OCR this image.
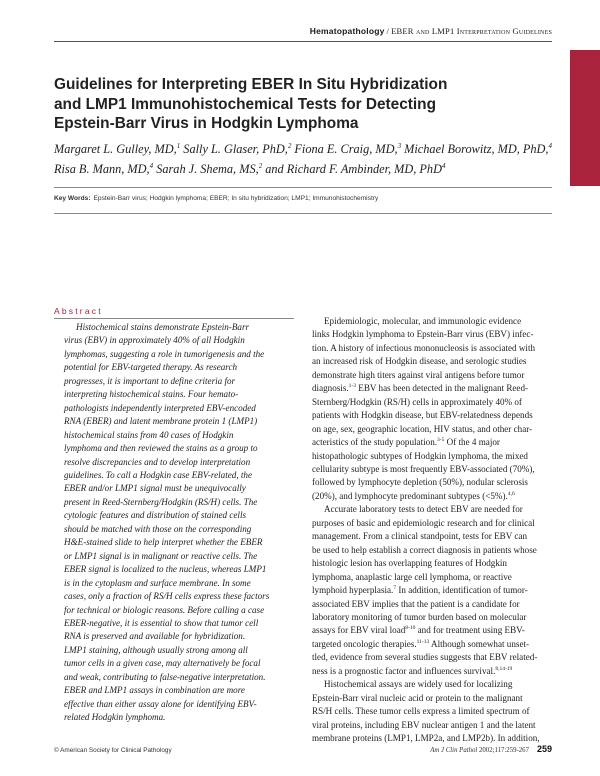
Hematopathology / EBER and LMP1 Interpretation Guidelines
Guidelines for Interpreting EBER In Situ Hybridization
and LMP1 Immunohistochemical Tests for Detecting
Epstein-Barr Virus in Hodgkin Lymphoma
Margaret L. Gulley, MD,$^1$ Sally L. Glaser, PhD,$^2$ Fiona E. Craig, MD,$^3$ Michael Borowitz, MD, PhD,$^4$
Risa B. Mann, MD,$^4$ Sarah J. Shema, MS,$^2$ and Richard F. Ambinder, MD, PhD$^4$
Key Words: Epstein-Barr virus; Hodgkin lymphoma; EBER; In situ hybridization; LMP1; Immunohistochemistry
Abstract
Histochemical stains demonstrate Epstein-Barr
virus (EBV) in approximately 40% of all Hodgkin
lymphomas, suggesting a role in tumorigenesis and the
potential for EBV-targeted therapy. As research
progresses, it is important to define criteria for
interpreting histochemical stains. Four hemato-
pathologists independently interpreted EBV-encoded
RNA (EBER) and latent membrane protein 1 (LMP1)
histochemical stains from 40 cases of Hodgkin
lymphoma and then reviewed the stains as a group to
resolve discrepancies and to develop interpretation
guidelines. To call a Hodgkin case EBV-related, the
EBER and/or LMP1 signal must be unequivocally
present in Reed-Sternberg/Hodgkin (RS/H) cells. The
cytologic features and distribution of stained cells
should be matched with those on the corresponding
H&E-stained slide to help interpret whether the EBER
or LMP1 signal is in malignant or reactive cells. The
EBER signal is localized to the nucleus, whereas LMP1
is in the cytoplasm and surface membrane. In some
cases, only a fraction of RS/H cells express these factors
for technical or biologic reasons. Before calling a case
EBER-negative, it is essential to show that tumor cell
RNA is preserved and available for hybridization.
LMP1 staining, although usually strong among all
tumor cells in a given case, may alternatively be focal
and weak, contributing to false-negative interpretation.
EBER and LMP1 assays in combination are more
effective than either assay alone for identifying EBV-
related Hodgkin lymphoma.
Epidemiologic, molecular, and immunologic evidence
links Hodgkin lymphoma to Epstein-Barr virus (EBV) infec-
tion. A history of infectious mononucleosis is associated with
an increased risk of Hodgkin disease, and serologic studies
demonstrate high titers against viral antigens before tumor
diagnosis.$^{1-3}$ EBV has been detected in the malignant Reed-
Sternberg/Hodgkin (RS/H) cells in approximately 40% of
patients with Hodgkin disease, but EBV-relatedness depends
on age, sex, geographic location, HIV status, and other char-
acteristics of the study population.$^{3-5}$ Of the 4 major
histopathologic subtypes of Hodgkin lymphoma, the mixed
cellularity subtype is most frequently EBV-associated (70%),
followed by lymphocyte depletion (50%), nodular sclerosis
(20%), and lymphocyte predominant subtypes (<5%).$^{4,6}$
Accurate laboratory tests to detect EBV are needed for
purposes of basic and epidemiologic research and for clinical
management. From a clinical standpoint, tests for EBV can
be used to help establish a correct diagnosis in patients whose
histologic lesion has overlapping features of Hodgkin
lymphoma, anaplastic large cell lymphoma, or reactive
lymphoid hyperplasia.$^7$ In addition, identification of tumor-
associated EBV implies that the patient is a candidate for
laboratory monitoring of tumor burden based on molecular
assays for EBV viral load$^{8-10}$ and for treatment using EBV-
targeted oncologic therapies.$^{11-13}$ Although somewhat unset-
tled, evidence from several studies suggests that EBV related-
ness is a prognostic factor and influences survival.$^{8,14-19}$
Histochemical assays are widely used for localizing
Epstein-Barr viral nucleic acid or protein to the malignant
RS/H cells. These tumor cells express a limited spectrum of
viral proteins, including EBV nuclear antigen 1 and the latent
membrane proteins (LMP1, LMP2a, and LMP2b). In addition,
© American Society for Clinical Pathology	Am J Clin Pathol 2002;117:259-267 259
